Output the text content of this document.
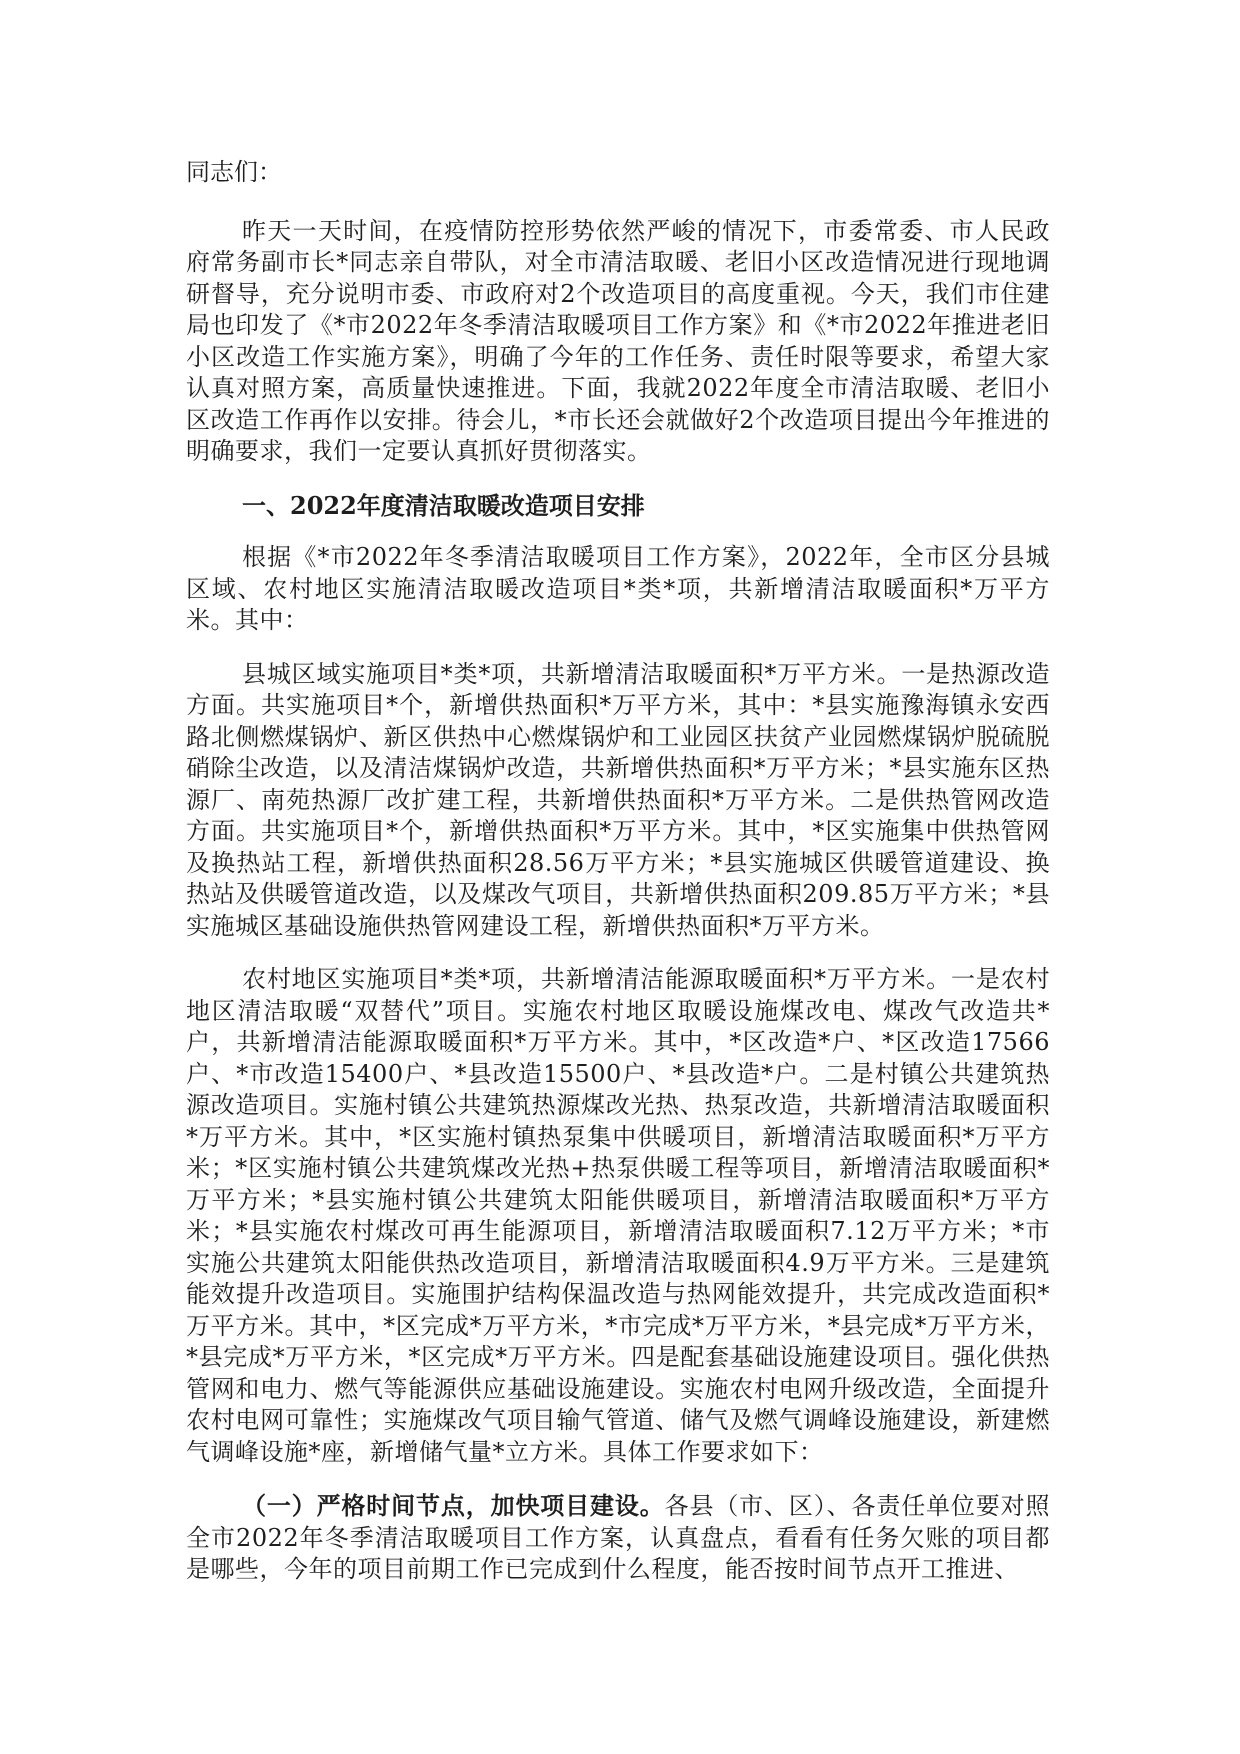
同志们：

昨天一天时间，在疫情防控形势依然严峻的情况下，市委常委、市人民政府常务副市长*同志亲自带队，对全市清洁取暖、老旧小区改造情况进行现地调研督导，充分说明市委、市政府对2个改造项目的高度重视。今天，我们市住建局也印发了《*市2022年冬季清洁取暖项目工作方案》和《*市2022年推进老旧小区改造工作实施方案》，明确了今年的工作任务、责任时限等要求，希望大家认真对照方案，高质量快速推进。下面，我就2022年度全市清洁取暖、老旧小区改造工作再作以安排。待会儿，*市长还会就做好2个改造项目提出今年推进的明确要求，我们一定要认真抓好贯彻落实。

一、2022年度清洁取暖改造项目安排

根据《*市2022年冬季清洁取暖项目工作方案》，2022年，全市区分县城区域、农村地区实施清洁取暖改造项目*类*项，共新增清洁取暖面积*万平方米。其中：

县城区域实施项目*类*项，共新增清洁取暖面积*万平方米。一是热源改造方面。共实施项目*个，新增供热面积*万平方米，其中：*县实施豫海镇永安西路北侧燃煤锅炉、新区供热中心燃煤锅炉和工业园区扶贫产业园燃煤锅炉脱硫脱硝除尘改造，以及清洁煤锅炉改造，共新增供热面积*万平方米；*县实施东区热源厂、南苑热源厂改扩建工程，共新增供热面积*万平方米。二是供热管网改造方面。共实施项目*个，新增供热面积*万平方米。其中，*区实施集中供热管网及换热站工程，新增供热面积28.56万平方米；*县实施城区供暖管道建设、换热站及供暖管道改造，以及煤改气项目，共新增供热面积209.85万平方米；*县实施城区基础设施供热管网建设工程，新增供热面积*万平方米。

农村地区实施项目*类*项，共新增清洁能源取暖面积*万平方米。一是农村地区清洁取暖“双替代”项目。实施农村地区取暖设施煤改电、煤改气改造共*户，共新增清洁能源取暖面积*万平方米。其中，*区改造*户、*区改造17566户、*市改造15400户、*县改造15500户、*县改造*户。二是村镇公共建筑热源改造项目。实施村镇公共建筑热源煤改光热、热泵改造，共新增清洁取暖面积*万平方米。其中，*区实施村镇热泵集中供暖项目，新增清洁取暖面积*万平方米；*区实施村镇公共建筑煤改光热+热泵供暖工程等项目，新增清洁取暖面积*万平方米；*县实施村镇公共建筑太阳能供暖项目，新增清洁取暖面积*万平方米；*县实施农村煤改可再生能源项目，新增清洁取暖面积7.12万平方米；*市实施公共建筑太阳能供热改造项目，新增清洁取暖面积4.9万平方米。三是建筑能效提升改造项目。实施围护结构保温改造与热网能效提升，共完成改造面积*万平方米。其中，*区完成*万平方米，*市完成*万平方米，*县完成*万平方米，*县完成*万平方米，*区完成*万平方米。四是配套基础设施建设项目。强化供热管网和电力、燃气等能源供应基础设施建设。实施农村电网升级改造，全面提升农村电网可靠性；实施煤改气项目输气管道、储气及燃气调峰设施建设，新建燃气调峰设施*座，新增储气量*立方米。具体工作要求如下：

（一）严格时间节点，加快项目建设。各县（市、区）、各责任单位要对照全市2022年冬季清洁取暖项目工作方案，认真盘点，看看有任务欠账的项目都是哪些，今年的项目前期工作已完成到什么程度，能否按时间节点开工推进、
